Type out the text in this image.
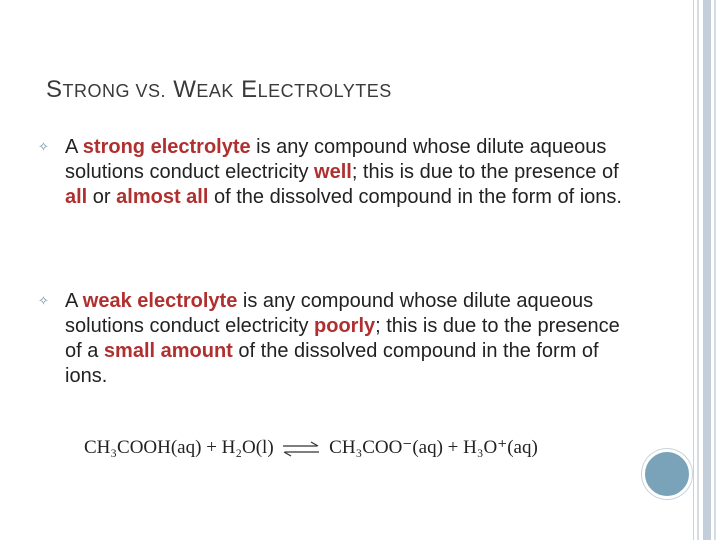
STRONG VS. WEAK ELECTROLYTES
✧ A strong electrolyte is any compound whose dilute aqueous solutions conduct electricity well; this is due to the presence of all or almost all of the dissolved compound in the form of ions.
✧ A weak electrolyte is any compound whose dilute aqueous solutions conduct electricity poorly; this is due to the presence of a small amount of the dissolved compound in the form of ions.
CH₃COOH(aq) + H₂O(l) ⇌ CH₃COO⁻(aq) + H₃O⁺(aq)
